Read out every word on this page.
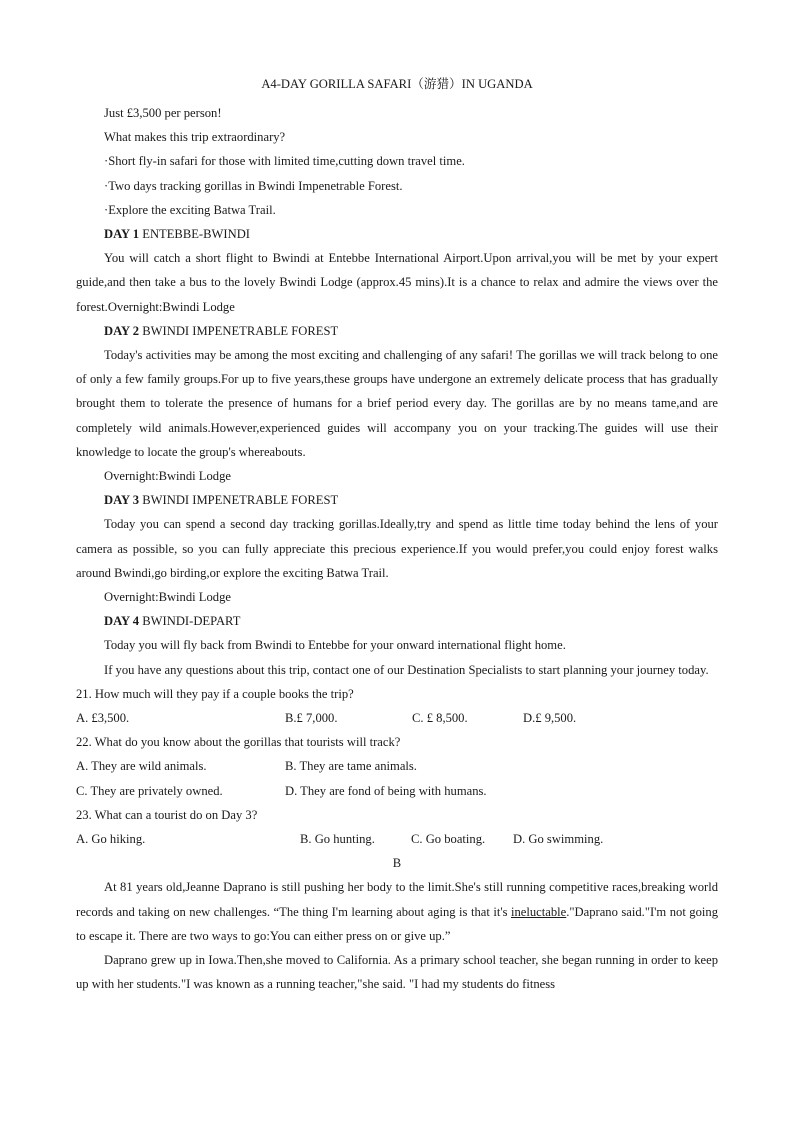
A4-DAY GORILLA SAFARI（游猎）IN UGANDA
Just £3,500 per person!
What makes this trip extraordinary?
·Short fly-in safari for those with limited time,cutting down travel time.
·Two days tracking gorillas in Bwindi Impenetrable Forest.
·Explore the exciting Batwa Trail.
DAY 1 ENTEBBE-BWINDI

You will catch a short flight to Bwindi at Entebbe International Airport.Upon arrival,you will be met by your expert guide,and then take a bus to the lovely Bwindi Lodge (approx.45 mins).It is a chance to relax and admire the views over the forest.Overnight:Bwindi Lodge

DAY 2 BWINDI IMPENETRABLE FOREST

Today's activities may be among the most exciting and challenging of any safari! The gorillas we will track belong to one of only a few family groups.For up to five years,these groups have undergone an extremely delicate process that has gradually brought them to tolerate the presence of humans for a brief period every day. The gorillas are by no means tame,and are completely wild animals.However,experienced guides will accompany you on your tracking.The guides will use their knowledge to locate the group's whereabouts.

Overnight:Bwindi Lodge
DAY 3 BWINDI IMPENETRABLE FOREST

Today you can spend a second day tracking gorillas.Ideally,try and spend as little time today behind the lens of your camera as possible, so you can fully appreciate this precious experience.If you would prefer,you could enjoy forest walks around Bwindi,go birding,or explore the exciting Batwa Trail.

Overnight:Bwindi Lodge
DAY 4 BWINDI-DEPART

Today you will fly back from Bwindi to Entebbe for your onward international flight home.

If you have any questions about this trip, contact one of our Destination Specialists to start planning your journey today.

21. How much will they pay if a couple books the trip?
A. £3,500.	B.£ 7,000.	C. £ 8,500.	D.£ 9,500.
22. What do you know about the gorillas that tourists will track?
A. They are wild animals.	B. They are tame animals.
C. They are privately owned.	D. They are fond of being with humans.
23. What can a tourist do on Day 3?
A. Go hiking.	B. Go hunting.	C. Go boating.	D. Go swimming.
B

At 81 years old,Jeanne Daprano is still pushing her body to the limit.She's still running competitive races,breaking world records and taking on new challenges. “The thing I'm learning about aging is that it's ineluctable."Daprano said."I'm not going to escape it. There are two ways to go:You can either press on or give up.”

Daprano grew up in Iowa.Then,she moved to California. As a primary school teacher, she began running in order to keep up with her students."I was known as a running teacher,"she said. "I had my students do fitness
